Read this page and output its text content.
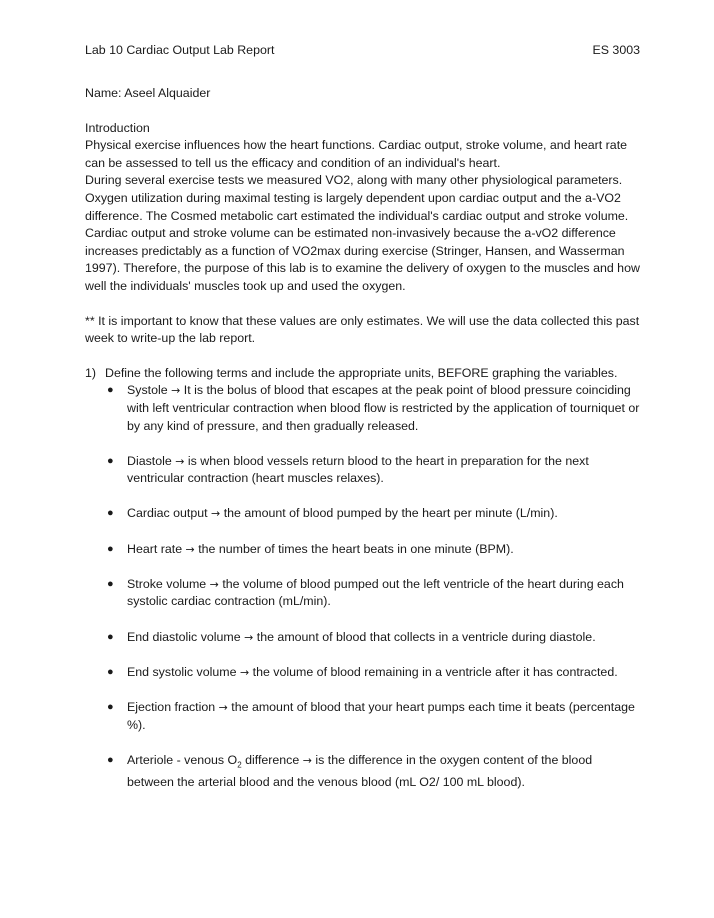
Lab 10 Cardiac Output Lab Report	ES 3003
Name: Aseel Alquaider
Introduction
Physical exercise influences how the heart functions. Cardiac output, stroke volume, and heart rate can be assessed to tell us the efficacy and condition of an individual's heart.
During several exercise tests we measured VO2, along with many other physiological parameters. Oxygen utilization during maximal testing is largely dependent upon cardiac output and the a-VO2 difference. The Cosmed metabolic cart estimated the individual's cardiac output and stroke volume. Cardiac output and stroke volume can be estimated non-invasively because the a-vO2 difference increases predictably as a function of VO2max during exercise (Stringer, Hansen, and Wasserman 1997). Therefore, the purpose of this lab is to examine the delivery of oxygen to the muscles and how well the individuals' muscles took up and used the oxygen.
** It is important to know that these values are only estimates. We will use the data collected this past week to write-up the lab report.
1) Define the following terms and include the appropriate units, BEFORE graphing the variables.
●	Systole → It is the bolus of blood that escapes at the peak point of blood pressure coinciding with left ventricular contraction when blood flow is restricted by the application of tourniquet or by any kind of pressure, and then gradually released.
●	Diastole → is when blood vessels return blood to the heart in preparation for the next ventricular contraction (heart muscles relaxes).
●	Cardiac output → the amount of blood pumped by the heart per minute (L/min).
●	Heart rate → the number of times the heart beats in one minute (BPM).
●	Stroke volume → the volume of blood pumped out the left ventricle of the heart during each systolic cardiac contraction (mL/min).
●	End diastolic volume → the amount of blood that collects in a ventricle during diastole.
●	End systolic volume → the volume of blood remaining in a ventricle after it has contracted.
●	Ejection fraction → the amount of blood that your heart pumps each time it beats (percentage %).
●	Arteriole - venous $O_2$ difference → is the difference in the oxygen content of the blood between the arterial blood and the venous blood (mL O2/ 100 mL blood).
